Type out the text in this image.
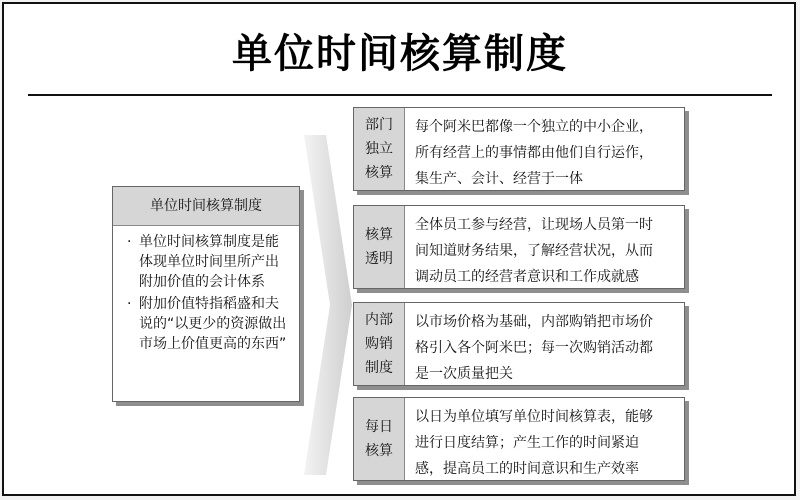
单位时间核算制度
单位时间核算制度
· 单位时间核算制度是能体现单位时间里所产出附加价值的会计体系
· 附加价值特指稻盛和夫说的“以更少的资源做出市场上价值更高的东西”
部门
独立
核算
每个阿米巴都像一个独立的中小企业，
所有经营上的事情都由他们自行运作，
集生产、会计、经营于一体
核算
透明
全体员工参与经营，让现场人员第一时
间知道财务结果，了解经营状况，从而
调动员工的经营者意识和工作成就感
内部
购销
制度
以市场价格为基础，内部购销把市场价
格引入各个阿米巴；每一次购销活动都
是一次质量把关
每日
核算
以日为单位填写单位时间核算表，能够
进行日度结算；产生工作的时间紧迫
感，提高员工的时间意识和生产效率
